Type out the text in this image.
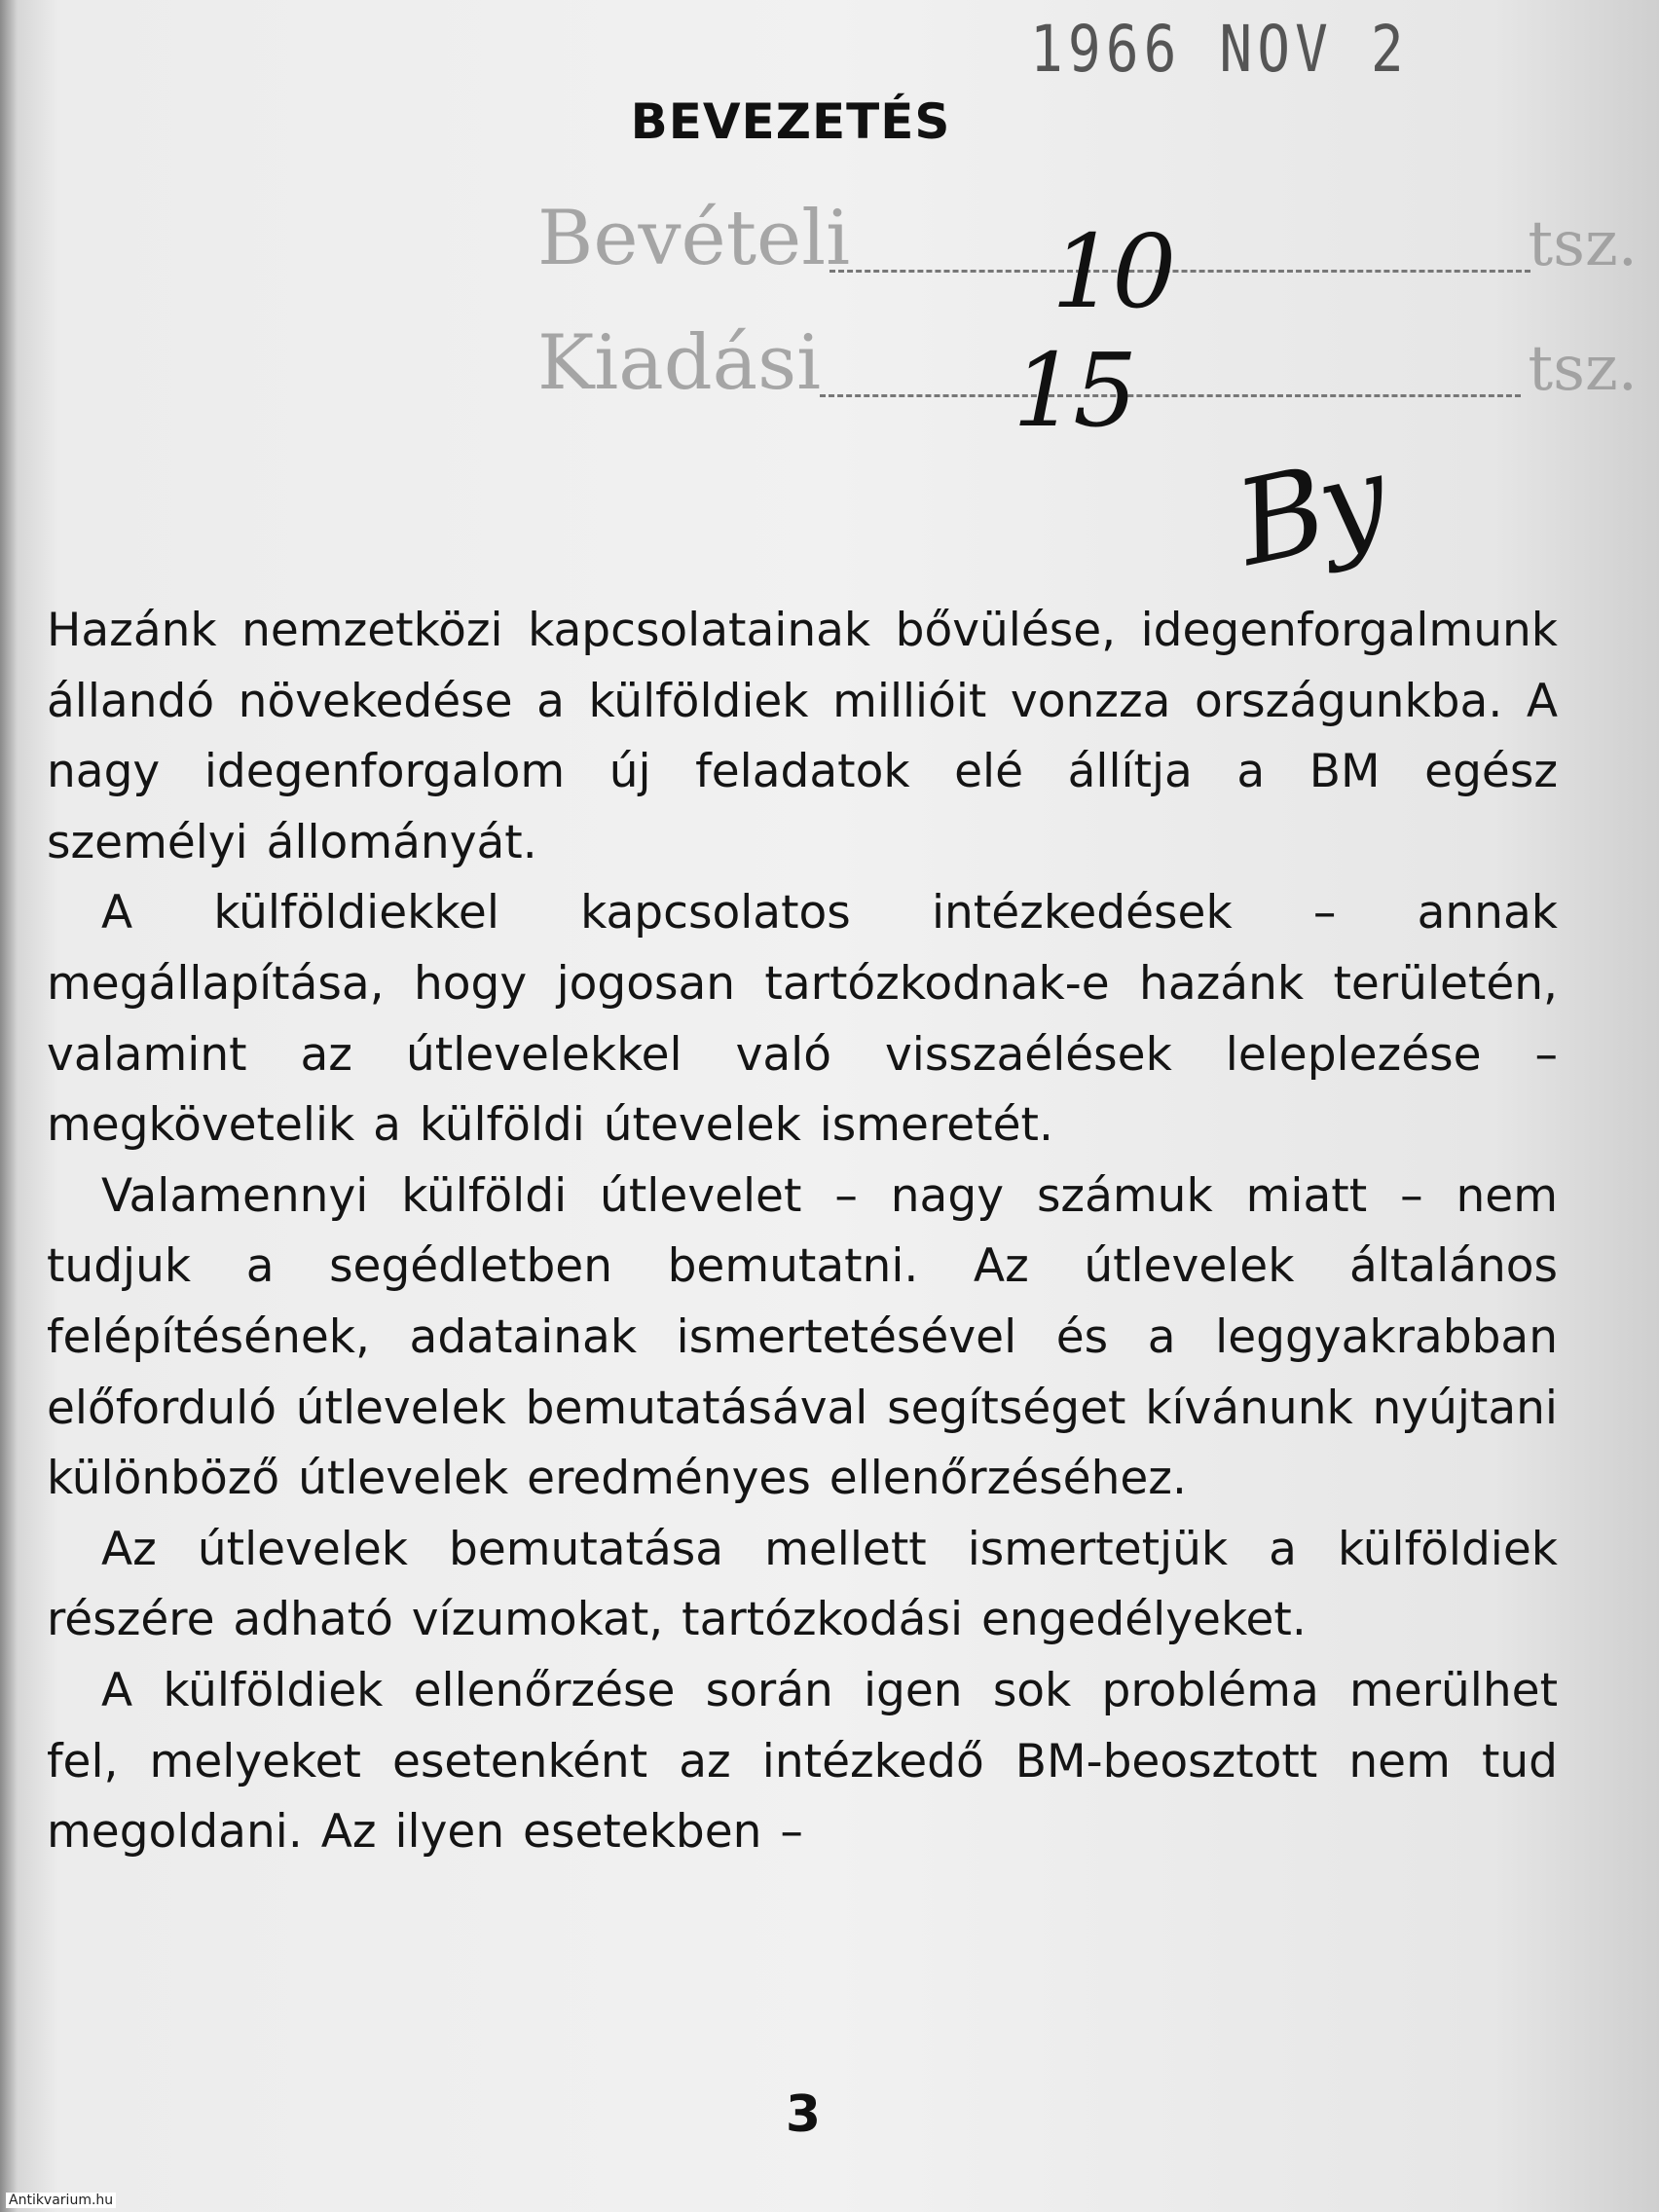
1966 NOV 2
BEVEZETÉS
Bevételi	tsz.
Kiadási	tsz.
10
15
By

Hazánk nemzetközi kapcsolatainak bővülése, idegenforgalmunk állandó növekedése a külföldiek millióit vonzza országunkba. A nagy idegenforgalom új feladatok elé állítja a BM egész személyi állományát.

A külföldiekkel kapcsolatos intézkedések – annak megállapítása, hogy jogosan tartózkodnak-e hazánk területén, valamint az útlevelekkel való visszaélések leleplezése – megkövetelik a külföldi útevelek ismeretét.

Valamennyi külföldi útlevelet – nagy számuk miatt – nem tudjuk a segédletben bemutatni. Az útlevelek általános felépítésének, adatainak ismertetésével és a leggyakrabban előforduló útlevelek bemutatásával segítséget kívánunk nyújtani különböző útlevelek eredményes ellenőrzéséhez.

Az útlevelek bemutatása mellett ismertetjük a külföldiek részére adható vízumokat, tartózkodási engedélyeket.

A külföldiek ellenőrzése során igen sok probléma merülhet fel, melyeket esetenként az intézkedő BM-beosztott nem tud megoldani. Az ilyen esetekben –

3
Antikvarium.hu
